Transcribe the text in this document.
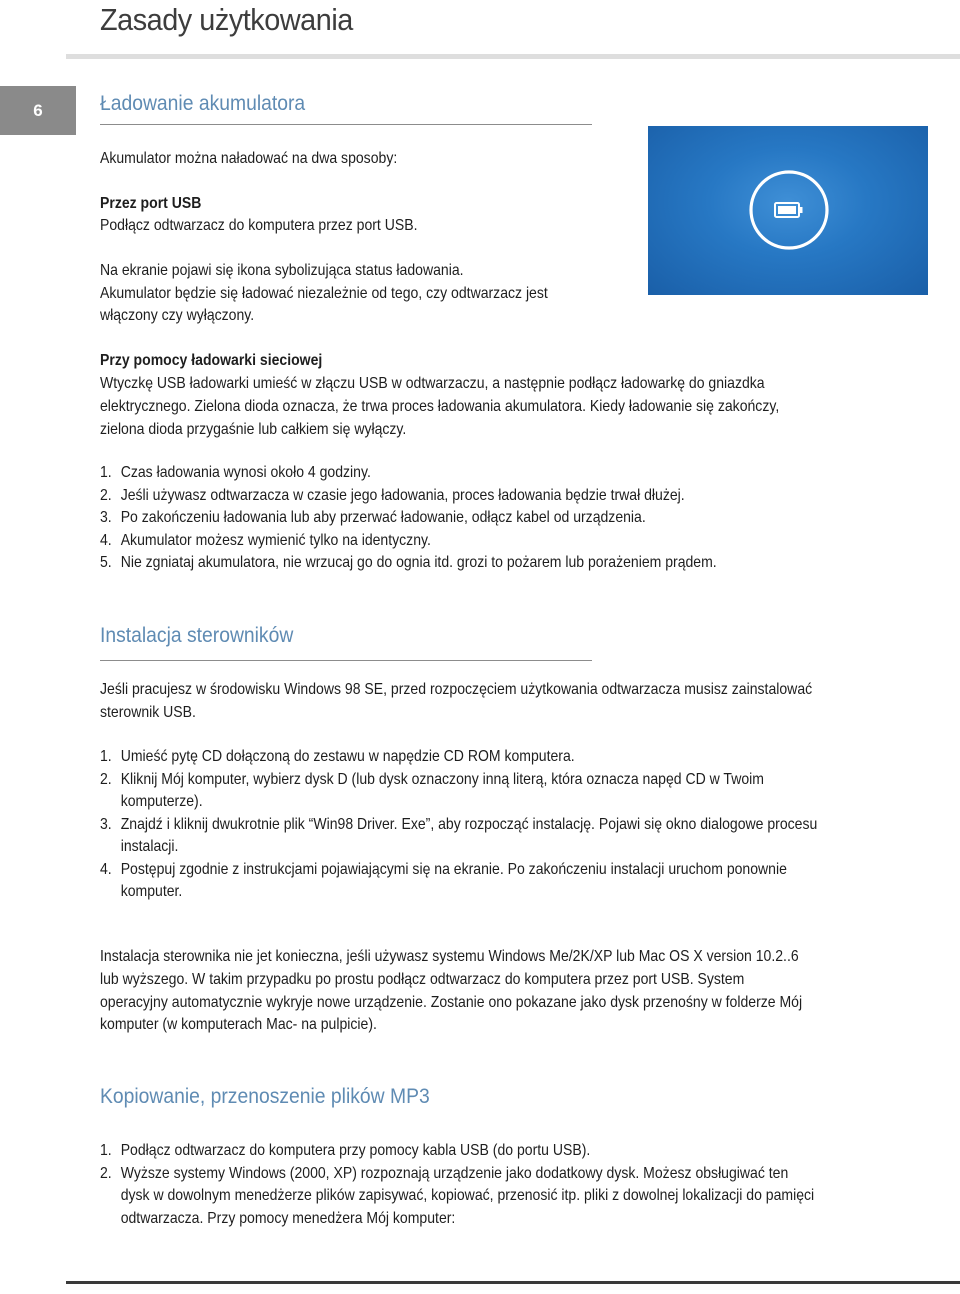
Zasady użytkowania
6	Ładowanie akumulatora
Akumulator można naładować na dwa sposoby:
Przez port USB
Podłącz odtwarzacz do komputera przez port USB.
Na ekranie pojawi się ikona sybolizująca status ładowania.
Akumulator będzie się ładować niezależnie od tego, czy odtwarzacz jest
włączony czy wyłączony.
Przy pomocy ładowarki sieciowej
Wtyczkę USB ładowarki umieść w złączu USB w odtwarzaczu, a następnie podłącz ładowarkę do gniazdka
elektrycznego. Zielona dioda oznacza, że trwa proces ładowania akumulatora. Kiedy ładowanie się zakończy,
zielona dioda przygaśnie lub całkiem się wyłączy.
1. Czas ładowania wynosi około 4 godziny.
2. Jeśli używasz odtwarzacza w czasie jego ładowania, proces ładowania będzie trwał dłużej.
3. Po zakończeniu ładowania lub aby przerwać ładowanie, odłącz kabel od urządzenia.
4. Akumulator możesz wymienić tylko na identyczny.
5. Nie zgniataj akumulatora, nie wrzucaj go do ognia itd. grozi to pożarem lub porażeniem prądem.
Instalacja sterowników
Jeśli pracujesz w środowisku Windows 98 SE, przed rozpoczęciem użytkowania odtwarzacza musisz zainstalować
sterownik USB.
1. Umieść pytę CD dołączoną do zestawu w napędzie CD ROM komputera.
2. Kliknij Mój komputer, wybierz dysk D (lub dysk oznaczony inną literą, która oznacza napęd CD w Twoim
komputerze).
3. Znajdź i kliknij dwukrotnie plik “Win98 Driver. Exe”, aby rozpocząć instalację. Pojawi się okno dialogowe procesu
instalacji.
4. Postępuj zgodnie z instrukcjami pojawiającymi się na ekranie. Po zakończeniu instalacji uruchom ponownie
komputer.
Instalacja sterownika nie jet konieczna, jeśli używasz systemu Windows Me/2K/XP lub Mac OS X version 10.2..6
lub wyższego. W takim przypadku po prostu podłącz odtwarzacz do komputera przez port USB. System
operacyjny automatycznie wykryje nowe urządzenie. Zostanie ono pokazane jako dysk przenośny w folderze Mój
komputer (w komputerach Mac- na pulpicie).
Kopiowanie, przenoszenie plików MP3
1. Podłącz odtwarzacz do komputera przy pomocy kabla USB (do portu USB).
2. Wyższe systemy Windows (2000, XP) rozpoznają urządzenie jako dodatkowy dysk. Możesz obsługiwać ten
dysk w dowolnym menedżerze plików zapisywać, kopiować, przenosić itp. pliki z dowolnej lokalizacji do pamięci
odtwarzacza. Przy pomocy menedżera Mój komputer:
